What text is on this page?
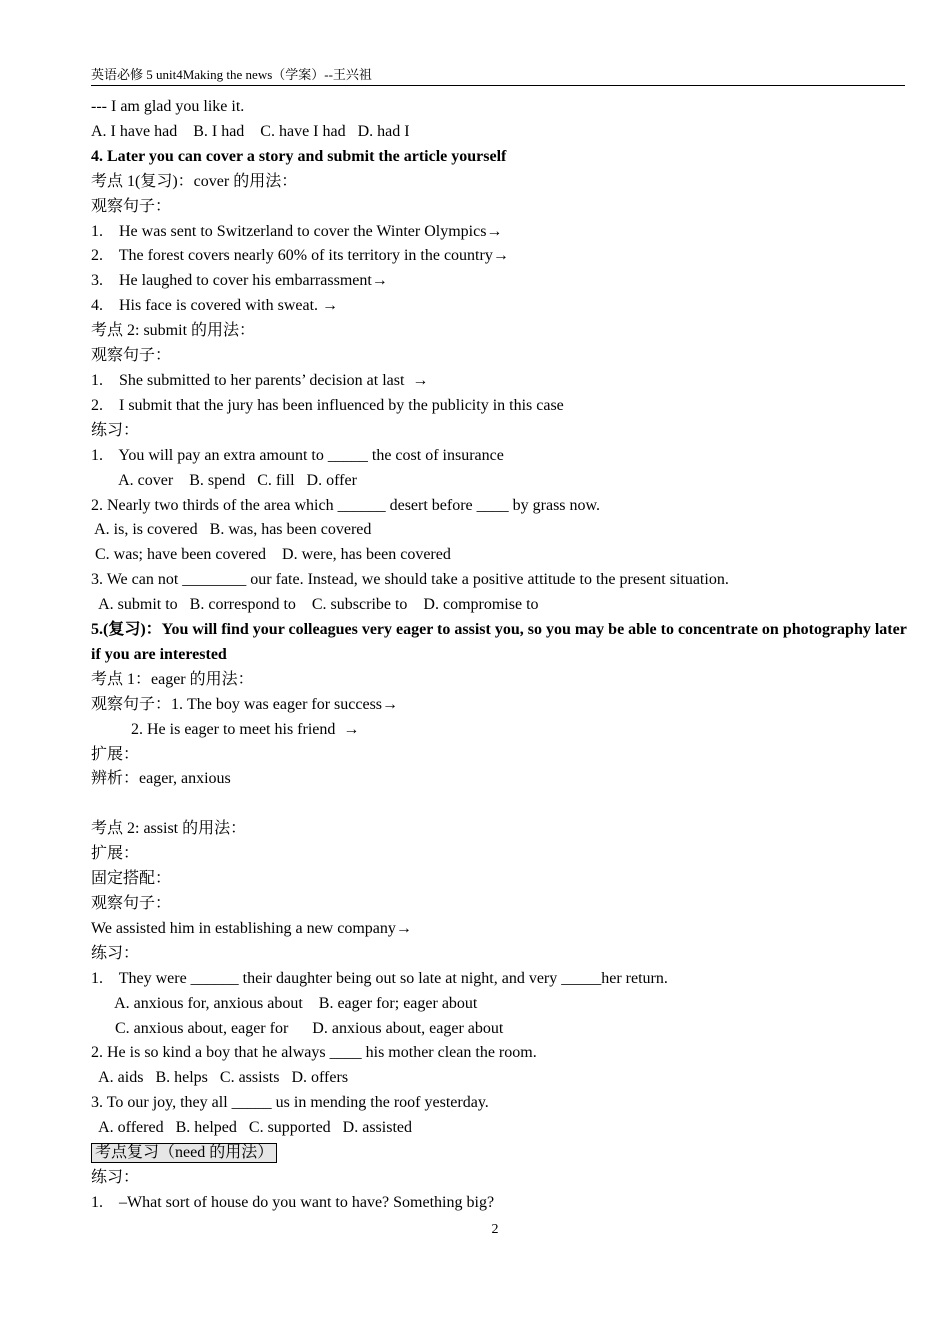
英语必修 5 unit4Making the news（学案）--王兴祖
--- I am glad you like it.
A. I have had    B. I had    C. have I had   D. had I
4. Later you can cover a story and submit the article yourself
考点 1(复习)：cover 的用法：
观察句子：
1.    He was sent to Switzerland to cover the Winter Olympics→
2.    The forest covers nearly 60% of its territory in the country→
3.    He laughed to cover his embarrassment→
4.    His face is covered with sweat. →
考点 2: submit 的用法：
观察句子：
1.    She submitted to her parents’ decision at last  →
2.    I submit that the jury has been influenced by the publicity in this case
练习：
1.    You will pay an extra amount to _____ the cost of insurance
A. cover    B. spend   C. fill   D. offer
2. Nearly two thirds of the area which ______ desert before ____ by grass now.
A. is, is covered   B. was, has been covered
C. was; have been covered    D. were, has been covered
3. We can not ________ our fate. Instead, we should take a positive attitude to the present situation.
A. submit to   B. correspond to    C. subscribe to    D. compromise to
5.(复习)：You will find your colleagues very eager to assist you, so you may be able to concentrate on photography later if you are interested
考点 1：eager 的用法：
观察句子：1. The boy was eager for success→
2. He is eager to meet his friend  →
扩展：
辨析：eager, anxious

考点 2: assist 的用法：
扩展：
固定搭配：
观察句子：
We assisted him in establishing a new company→
练习：
1.    They were ______ their daughter being out so late at night, and very _____her return.
A. anxious for, anxious about    B. eager for; eager about
C. anxious about, eager for      D. anxious about, eager about
2. He is so kind a boy that he always ____ his mother clean the room.
A. aids   B. helps   C. assists   D. offers
3. To our joy, they all _____ us in mending the roof yesterday.
A. offered   B. helped   C. supported   D. assisted
考点复习（need 的用法）
练习：
1.    –What sort of house do you want to have? Something big?
2
